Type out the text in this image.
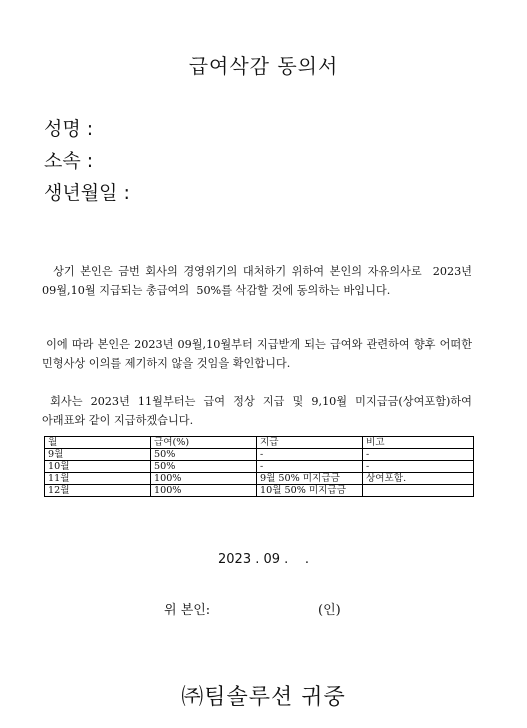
급여삭감 동의서
성명 :
소속 :
생년월일 :

상기 본인은 금번 회사의 경영위기의 대처하기 위하여 본인의 자유의사로  2023년 09월,10월 지급되는 총급여의  50%를 삭감할 것에 동의하는 바입니다.

이에 따라 본인은 2023년 09월,10월부터 지급받게 되는 급여와 관련하여 향후 어떠한 민형사상 이의를 제기하지 않을 것임을 확인합니다.

회사는 2023년 11월부터는 급여 정상 지급 및 9,10월 미지급금(상여포함)하여 아래표와 같이 지급하겠습니다.

월	급여(%)	지급	비고
9월	50%	-	-
10월	50%	-	-
11월	100%	9월 50% 미지급금	상여포함.
12월	100%	10월 50% 미지급금	
2023 . 09 .    .
위 본인:	(인)
㈜팀솔루션 귀중
